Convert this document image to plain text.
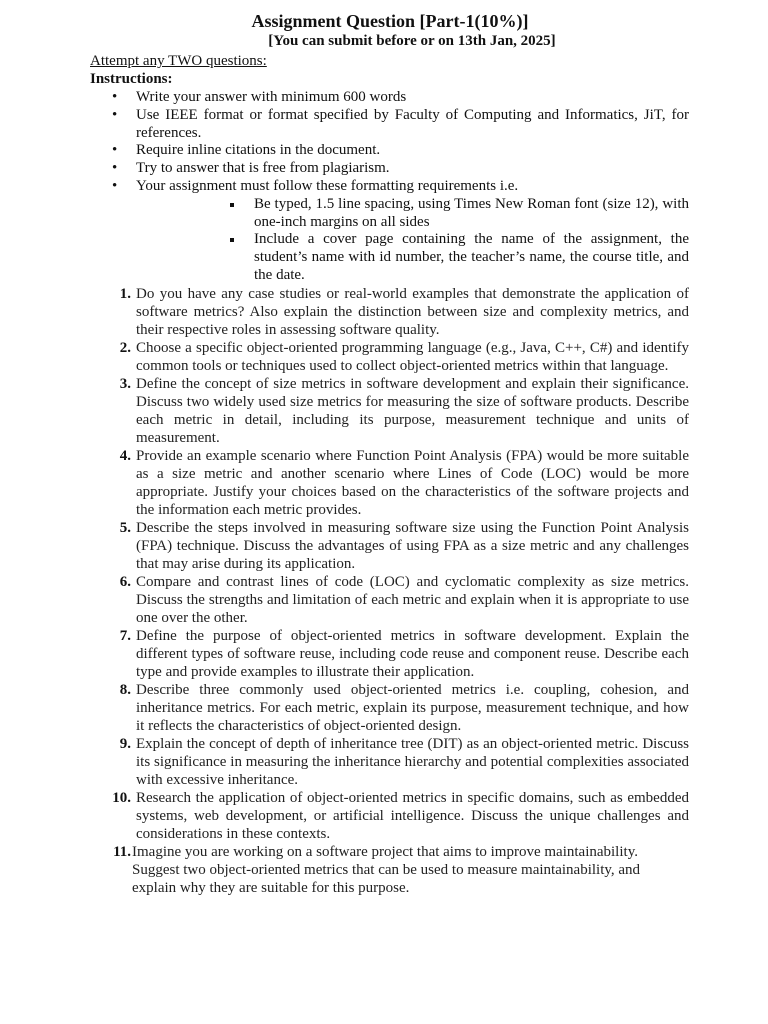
Assignment Question [Part-1(10%)]
[You can submit before or on 13th Jan, 2025]
Attempt any TWO questions:
Instructions:
• Write your answer with minimum 600 words
• Use IEEE format or format specified by Faculty of Computing and Informatics, JiT, for references.
• Require inline citations in the document.
• Try to answer that is free from plagiarism.
• Your assignment must follow these formatting requirements i.e.
Be typed, 1.5 line spacing, using Times New Roman font (size 12), with one-inch margins on all sides
Include a cover page containing the name of the assignment, the student’s name with id number, the teacher’s name, the course title, and the date.
1. Do you have any case studies or real-world examples that demonstrate the application of software metrics? Also explain the distinction between size and complexity metrics, and their respective roles in assessing software quality.
2. Choose a specific object-oriented programming language (e.g., Java, C++, C#) and identify common tools or techniques used to collect object-oriented metrics within that language.
3. Define the concept of size metrics in software development and explain their significance. Discuss two widely used size metrics for measuring the size of software products. Describe each metric in detail, including its purpose, measurement technique and units of measurement.
4. Provide an example scenario where Function Point Analysis (FPA) would be more suitable as a size metric and another scenario where Lines of Code (LOC) would be more appropriate. Justify your choices based on the characteristics of the software projects and the information each metric provides.
5. Describe the steps involved in measuring software size using the Function Point Analysis (FPA) technique. Discuss the advantages of using FPA as a size metric and any challenges that may arise during its application.
6. Compare and contrast lines of code (LOC) and cyclomatic complexity as size metrics. Discuss the strengths and limitation of each metric and explain when it is appropriate to use one over the other.
7. Define the purpose of object-oriented metrics in software development. Explain the different types of software reuse, including code reuse and component reuse. Describe each type and provide examples to illustrate their application.
8. Describe three commonly used object-oriented metrics i.e. coupling, cohesion, and inheritance metrics. For each metric, explain its purpose, measurement technique, and how it reflects the characteristics of object-oriented design.
9. Explain the concept of depth of inheritance tree (DIT) as an object-oriented metric. Discuss its significance in measuring the inheritance hierarchy and potential complexities associated with excessive inheritance.
10. Research the application of object-oriented metrics in specific domains, such as embedded systems, web development, or artificial intelligence. Discuss the unique challenges and considerations in these contexts.
11. Imagine you are working on a software project that aims to improve maintainability.
Suggest two object-oriented metrics that can be used to measure maintainability, and
explain why they are suitable for this purpose.
